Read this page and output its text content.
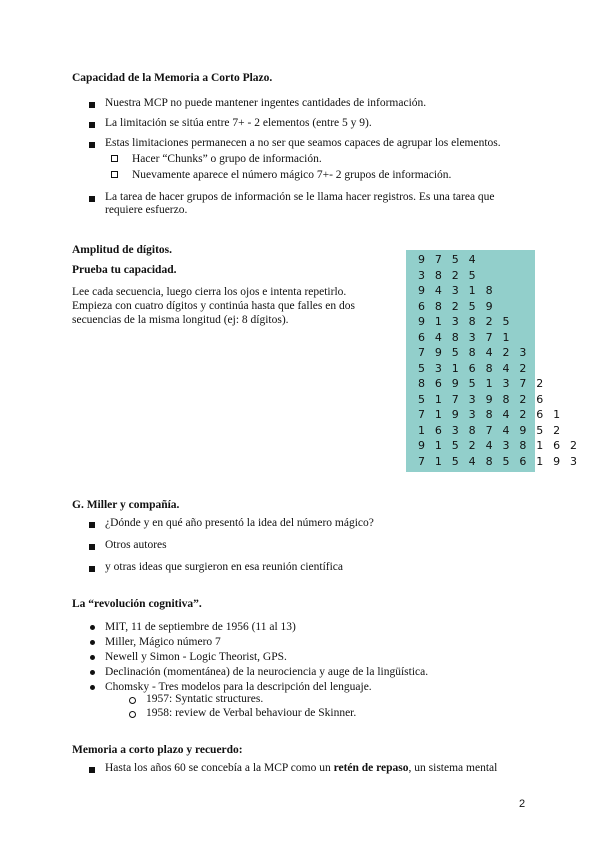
Capacidad de la Memoria a Corto Plazo.
Nuestra MCP no puede mantener ingentes cantidades de información.
La limitación se sitúa entre 7+ - 2 elementos (entre 5 y 9).
Estas limitaciones permanecen a no ser que seamos capaces de agrupar los elementos.
Hacer “Chunks” o grupo de información.
Nuevamente aparece el número mágico 7+- 2 grupos de información.
La tarea de hacer grupos de información se le llama hacer registros. Es una tarea que
requiere esfuerzo.
Amplitud de dígitos.
Prueba tu capacidad.
Lee cada secuencia, luego cierra los ojos e intenta repetirlo.
Empieza con cuatro dígitos y continúa hasta que falles en dos
secuencias de la misma longitud (ej: 8 dígitos).
9 7 5 4
3 8 2 5
9 4 3 1 8
6 8 2 5 9
9 1 3 8 2 5
6 4 8 3 7 1
7 9 5 8 4 2 3
5 3 1 6 8 4 2
8 6 9 5 1 3 7 2
5 1 7 3 9 8 2 6
7 1 9 3 8 4 2 6 1
1 6 3 8 7 4 9 5 2
9 1 5 2 4 3 8 1 6 2
7 1 5 4 8 5 6 1 9 3
G. Miller y compañía.
¿Dónde y en qué año presentó la idea del número mágico?
Otros autores
y otras ideas que surgieron en esa reunión científica
La “revolución cognitiva”.
MIT, 11 de septiembre de 1956 (11 al 13)
Miller, Mágico número 7
Newell y Simon - Logic Theorist, GPS.
Declinación (momentánea) de la neurociencia y auge de la lingüística.
Chomsky - Tres modelos para la descripción del lenguaje.
1957: Syntatic structures.
1958: review de Verbal behaviour de Skinner.
Memoria a corto plazo y recuerdo:
Hasta los años 60 se concebía a la MCP como un retén de repaso, un sistema mental
2
